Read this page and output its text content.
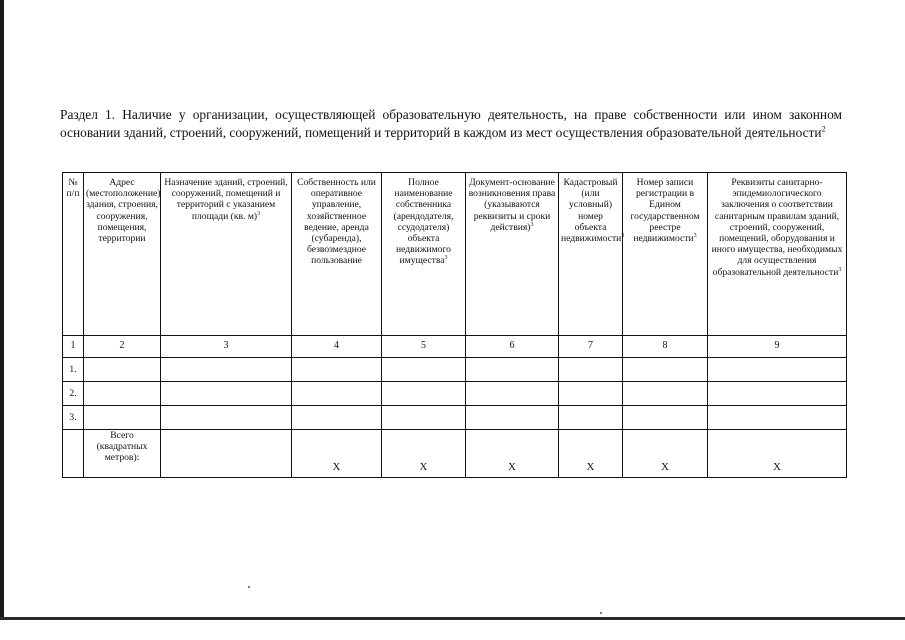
Раздел 1. Наличие у организации, осуществляющей образовательную деятельность, на праве собственности или ином законном основании зданий, строений, сооружений, помещений и территорий в каждом из мест осуществления образовательной деятельности$^2$
№ п/п	Адрес (местоположение) здания, строения, сооружения, помещения, территории	Назначение зданий, строений, сооружений, помещений и территорий с указанием площади (кв. м)$^3$	Собственность или оперативное управление, хозяйственное ведение, аренда (субаренда), безвозмездное пользование	Полное наименование собственника (арендодателя, ссудодателя) объекта недвижимого имущества$^3$	Документ-основание возникновения права (указываются реквизиты и сроки действия)$^3$	Кадастровый (или условный) номер объекта недвижимости$^3$	Номер записи регистрации в Едином государственном реестре недвижимости$^3$	Реквизиты санитарно-эпидемиологического заключения о соответствии санитарным правилам зданий, строений, сооружений, помещений, оборудования и иного имущества, необходимых для осуществления образовательной деятельности$^3$
1	2	3	4	5	6	7	8	9
1.								
2.								
3.								
	Всего (квадратных метров):		Х	Х	Х	Х	Х	Х
